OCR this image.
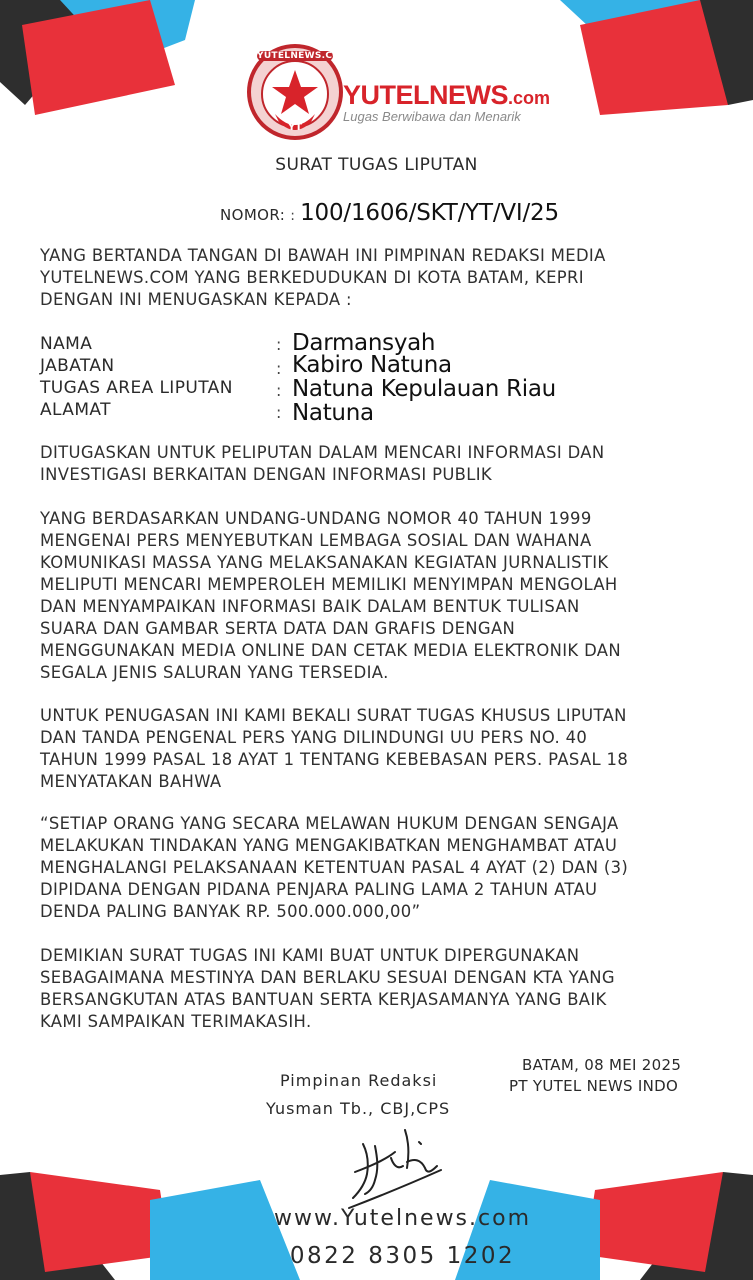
YUTELNEWS.COM
YT
YUTELNEWS.com
Lugas Berwibawa dan Menarik
SURAT TUGAS LIPUTAN
NOMOR: : 100/1606/SKT/YT/VI/25
YANG BERTANDA TANGAN DI BAWAH INI PIMPINAN REDAKSI MEDIA
YUTELNEWS.COM YANG BERKEDUDUKAN DI KOTA BATAM, KEPRI
DENGAN INI MENUGASKAN KEPADA :
NAMA
JABATAN
TUGAS AREA LIPUTAN
ALAMAT
:
:
:
:
Darmansyah
Kabiro Natuna
Natuna Kepulauan Riau
Natuna
DITUGASKAN UNTUK PELIPUTAN DALAM MENCARI INFORMASI DAN
INVESTIGASI BERKAITAN DENGAN INFORMASI PUBLIK
YANG BERDASARKAN UNDANG-UNDANG NOMOR 40 TAHUN 1999
MENGENAI PERS MENYEBUTKAN LEMBAGA SOSIAL DAN WAHANA
KOMUNIKASI MASSA YANG MELAKSANAKAN KEGIATAN JURNALISTIK
MELIPUTI MENCARI MEMPEROLEH MEMILIKI MENYIMPAN MENGOLAH
DAN MENYAMPAIKAN INFORMASI BAIK DALAM BENTUK TULISAN
SUARA DAN GAMBAR SERTA DATA DAN GRAFIS DENGAN
MENGGUNAKAN MEDIA ONLINE DAN CETAK MEDIA ELEKTRONIK DAN
SEGALA JENIS SALURAN YANG TERSEDIA.
UNTUK PENUGASAN INI KAMI BEKALI SURAT TUGAS KHUSUS LIPUTAN
DAN TANDA PENGENAL PERS YANG DILINDUNGI UU PERS NO. 40
TAHUN 1999 PASAL 18 AYAT 1 TENTANG KEBEBASAN PERS. PASAL 18
MENYATAKAN BAHWA
“SETIAP ORANG YANG SECARA MELAWAN HUKUM DENGAN SENGAJA
MELAKUKAN TINDAKAN YANG MENGAKIBATKAN MENGHAMBAT ATAU
MENGHALANGI PELAKSANAAN KETENTUAN PASAL 4 AYAT (2) DAN (3)
DIPIDANA DENGAN PIDANA PENJARA PALING LAMA 2 TAHUN ATAU
DENDA PALING BANYAK RP. 500.000.000,00”
DEMIKIAN SURAT TUGAS INI KAMI BUAT UNTUK DIPERGUNAKAN
SEBAGAIMANA MESTINYA DAN BERLAKU SESUAI DENGAN KTA YANG
BERSANGKUTAN ATAS BANTUAN SERTA KERJASAMANYA YANG BAIK
KAMI SAMPAIKAN TERIMAKASIH.
BATAM, 08 MEI 2025
PT YUTEL NEWS INDO
Pimpinan Redaksi
Yusman Tb., CBJ,CPS
www.Yutelnews.com
0822 8305 1202
